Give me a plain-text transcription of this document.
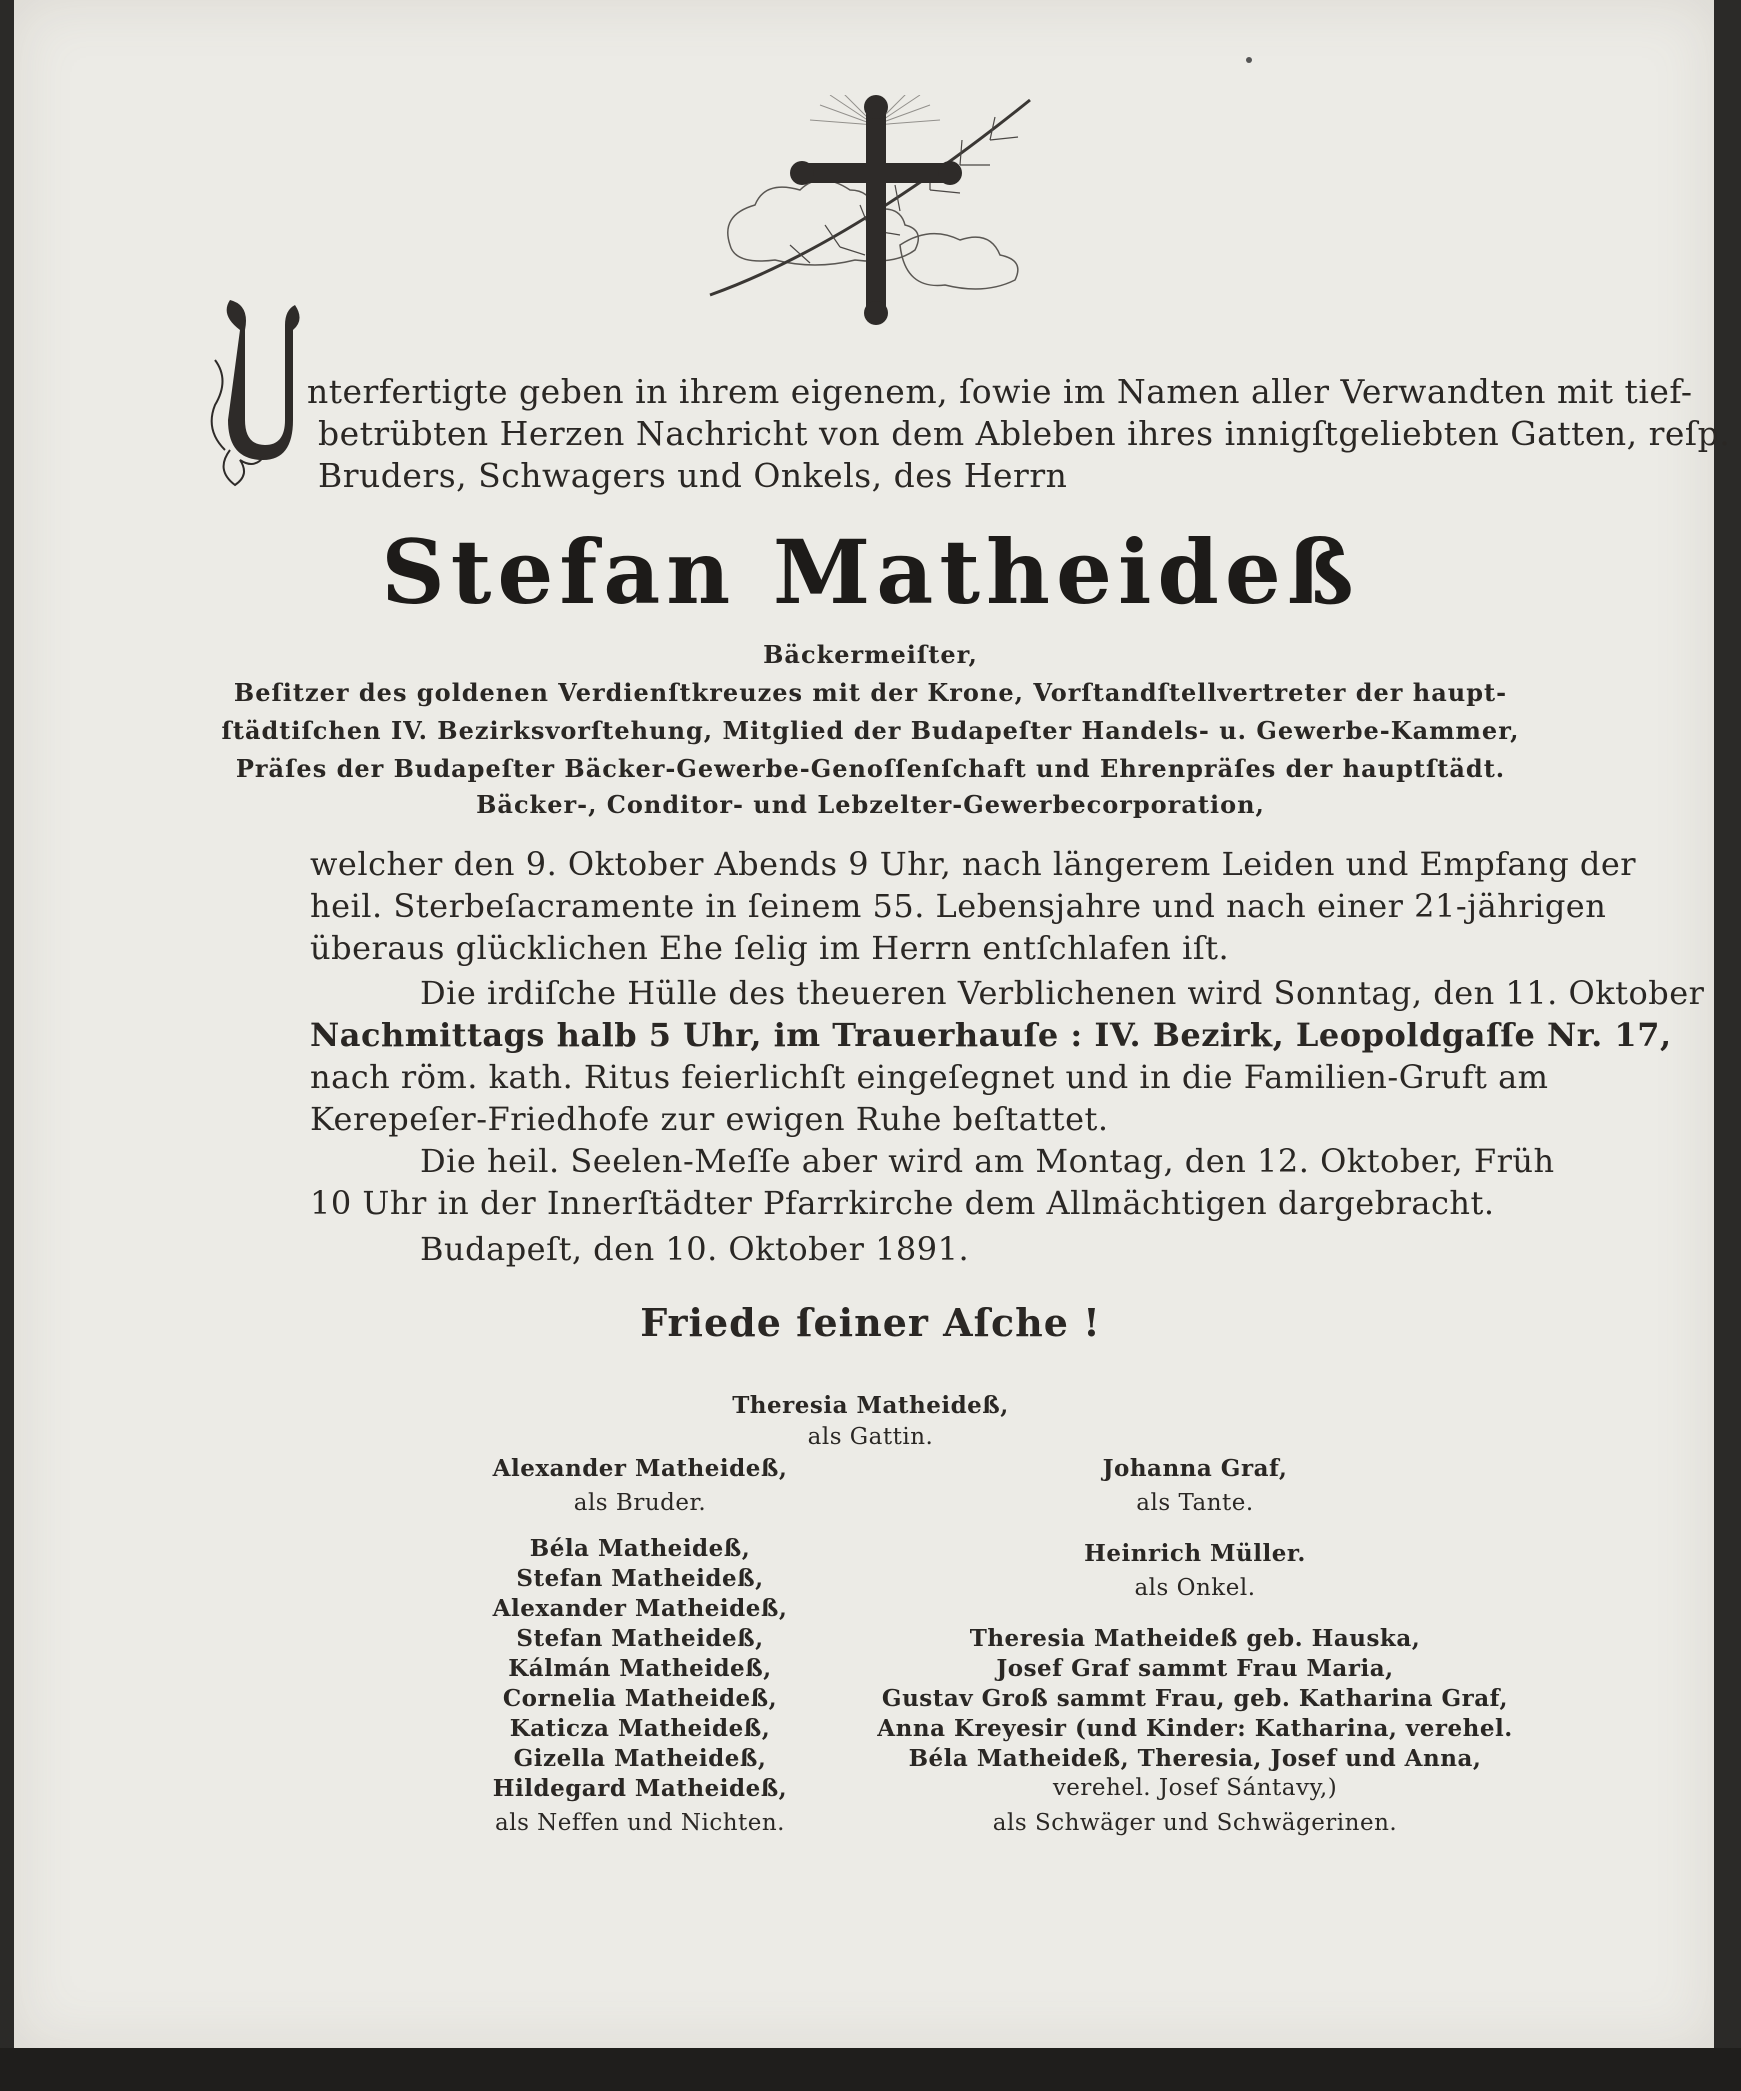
nterfertigte geben in ihrem eigenem, ſowie im Namen aller Verwandten mit tief-
betrübten Herzen Nachricht von dem Ableben ihres innigſtgeliebten Gatten, reſp.
Bruders, Schwagers und Onkels, des Herrn
Stefan Matheideß
Bäckermeiſter,
Beſitzer des goldenen Verdienſtkreuzes mit der Krone, Vorſtandſtellvertreter der haupt-
ſtädtiſchen IV. Bezirksvorſtehung, Mitglied der Budapeſter Handels- u. Gewerbe-Kammer,
Präſes der Budapeſter Bäcker-Gewerbe-Genoſſenſchaft und Ehrenpräſes der hauptſtädt.
Bäcker-, Conditor- und Lebzelter-Gewerbecorporation,
welcher den 9. Oktober Abends 9 Uhr, nach längerem Leiden und Empfang der
heil. Sterbeſacramente in ſeinem 55. Lebensjahre und nach einer 21-jährigen
überaus glücklichen Ehe ſelig im Herrn entſchlafen iſt.
Die irdiſche Hülle des theueren Verblichenen wird Sonntag, den 11. Oktober
Nachmittags halb 5 Uhr, im Trauerhauſe : IV. Bezirk, Leopoldgaſſe Nr. 17,
nach röm. kath. Ritus feierlichſt eingeſegnet und in die Familien-Gruft am
Kerepeſer-Friedhofe zur ewigen Ruhe beſtattet.
Die heil. Seelen-Meſſe aber wird am Montag, den 12. Oktober, Früh
10 Uhr in der Innerſtädter Pfarrkirche dem Allmächtigen dargebracht.
Budapeſt, den 10. Oktober 1891.
Friede ſeiner Aſche !
Theresia Matheideß,
als Gattin.
Alexander Matheideß,
als Bruder.
Béla Matheideß,
Stefan Matheideß,
Alexander Matheideß,
Stefan Matheideß,
Kálmán Matheideß,
Cornelia Matheideß,
Katicza Matheideß,
Gizella Matheideß,
Hildegard Matheideß,
als Neffen und Nichten.
Johanna Graf,
als Tante.
Heinrich Müller.
als Onkel.
Theresia Matheideß geb. Hauska,
Josef Graf sammt Frau Maria,
Gustav Groß sammt Frau, geb. Katharina Graf,
Anna Kreyesir (und Kinder: Katharina, verehel.
Béla Matheideß, Theresia, Josef und Anna,
verehel. Josef Sántavy,)
als Schwäger und Schwägerinen.
